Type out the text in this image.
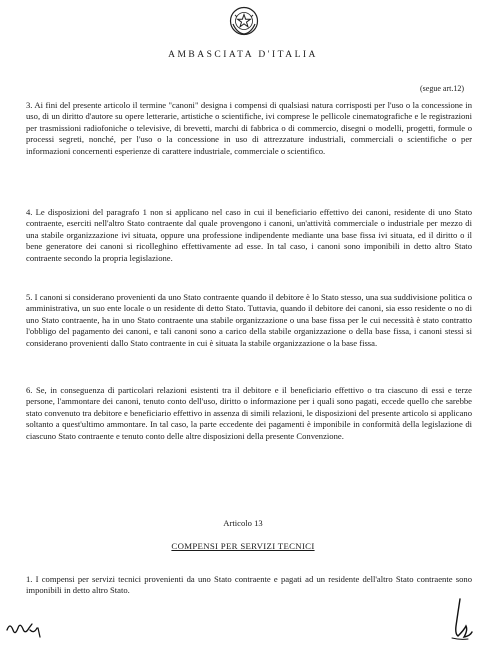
AMBASCIATA D'ITALIA
(segue art.12)

3. Ai fini del presente articolo il termine "canoni" designa i compensi di qualsiasi natura corrisposti per l'uso o la concessione in uso, di un diritto d'autore su opere letterarie, artistiche o scientifiche, ivi comprese le pellicole cinematografiche e le registrazioni per trasmissioni radiofoniche o televisive, di brevetti, marchi di fabbrica o di commercio, disegni o modelli, progetti, formule o processi segreti, nonché, per l'uso o la concessione in uso di attrezzature industriali, commerciali o scientifiche o per informazioni concernenti esperienze di carattere industriale, commerciale o scientifico.

4. Le disposizioni del paragrafo 1 non si applicano nel caso in cui il beneficiario effettivo dei canoni, residente di uno Stato contraente, eserciti nell'altro Stato contraente dal quale provengono i canoni, un'attività commerciale o industriale per mezzo di una stabile organizzazione ivi situata, oppure una professione indipendente mediante una base fissa ivi situata, ed il diritto o il bene generatore dei canoni si ricolleghino effettivamente ad esse. In tal caso, i canoni sono imponibili in detto altro Stato contraente secondo la propria legislazione.

5. I canoni si considerano provenienti da uno Stato contraente quando il debitore è lo Stato stesso, una sua suddivisione politica o amministrativa, un suo ente locale o un residente di detto Stato. Tuttavia, quando il debitore dei canoni, sia esso residente o no di uno Stato contraente, ha in uno Stato contraente una stabile organizzazione o una base fissa per le cui necessità è stato contratto l'obbligo del pagamento dei canoni, e tali canoni sono a carico della stabile organizzazione o della base fissa, i canoni stessi si considerano provenienti dallo Stato contraente in cui è situata la stabile organizzazione o la base fissa.

6. Se, in conseguenza di particolari relazioni esistenti tra il debitore e il beneficiario effettivo o tra ciascuno di essi e terze persone, l'ammontare dei canoni, tenuto conto dell'uso, diritto o informazione per i quali sono pagati, eccede quello che sarebbe stato convenuto tra debitore e beneficiario effettivo in assenza di simili relazioni, le disposizioni del presente articolo si applicano soltanto a quest'ultimo ammontare. In tal caso, la parte eccedente dei pagamenti è imponibile in conformità della legislazione di ciascuno Stato contraente e tenuto conto delle altre disposizioni della presente Convenzione.

Articolo 13
COMPENSI PER SERVIZI TECNICI

1. I compensi per servizi tecnici provenienti da uno Stato contraente e pagati ad un residente dell'altro Stato contraente sono imponibili in detto altro Stato.
